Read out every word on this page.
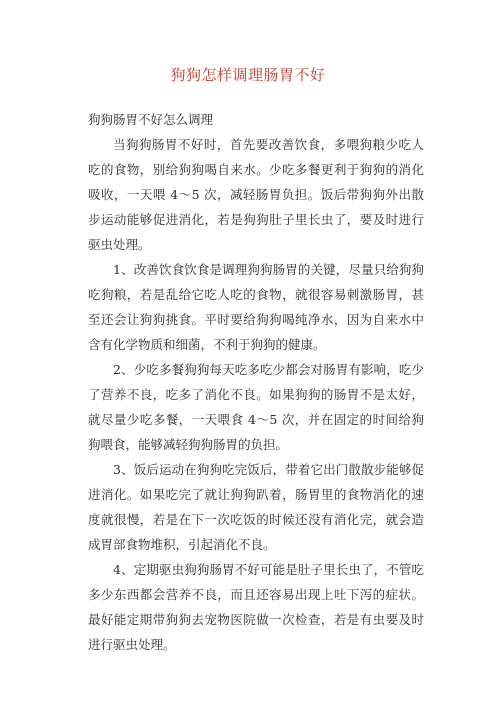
狗狗怎样调理肠胃不好

狗狗肠胃不好怎么调理

当狗狗肠胃不好时，首先要改善饮食，多喂狗粮少吃人吃的食物，别给狗狗喝自来水。少吃多餐更利于狗狗的消化吸收，一天喂 4～5 次，减轻肠胃负担。饭后带狗狗外出散步运动能够促进消化，若是狗狗肚子里长虫了，要及时进行驱虫处理。

1、改善饮食饮食是调理狗狗肠胃的关键，尽量只给狗狗吃狗粮，若是乱给它吃人吃的食物，就很容易刺激肠胃，甚至还会让狗狗挑食。平时要给狗狗喝纯净水，因为自来水中含有化学物质和细菌，不利于狗狗的健康。

2、少吃多餐狗狗每天吃多吃少都会对肠胃有影响，吃少了营养不良，吃多了消化不良。如果狗狗的肠胃不是太好，就尽量少吃多餐，一天喂食 4～5 次，并在固定的时间给狗狗喂食，能够减轻狗狗肠胃的负担。

3、饭后运动在狗狗吃完饭后，带着它出门散散步能够促进消化。如果吃完了就让狗狗趴着，肠胃里的食物消化的速度就很慢，若是在下一次吃饭的时候还没有消化完，就会造成胃部食物堆积，引起消化不良。

4、定期驱虫狗狗肠胃不好可能是肚子里长虫了，不管吃多少东西都会营养不良，而且还容易出现上吐下泻的症状。最好能定期带狗狗去宠物医院做一次检查，若是有虫要及时进行驱虫处理。
